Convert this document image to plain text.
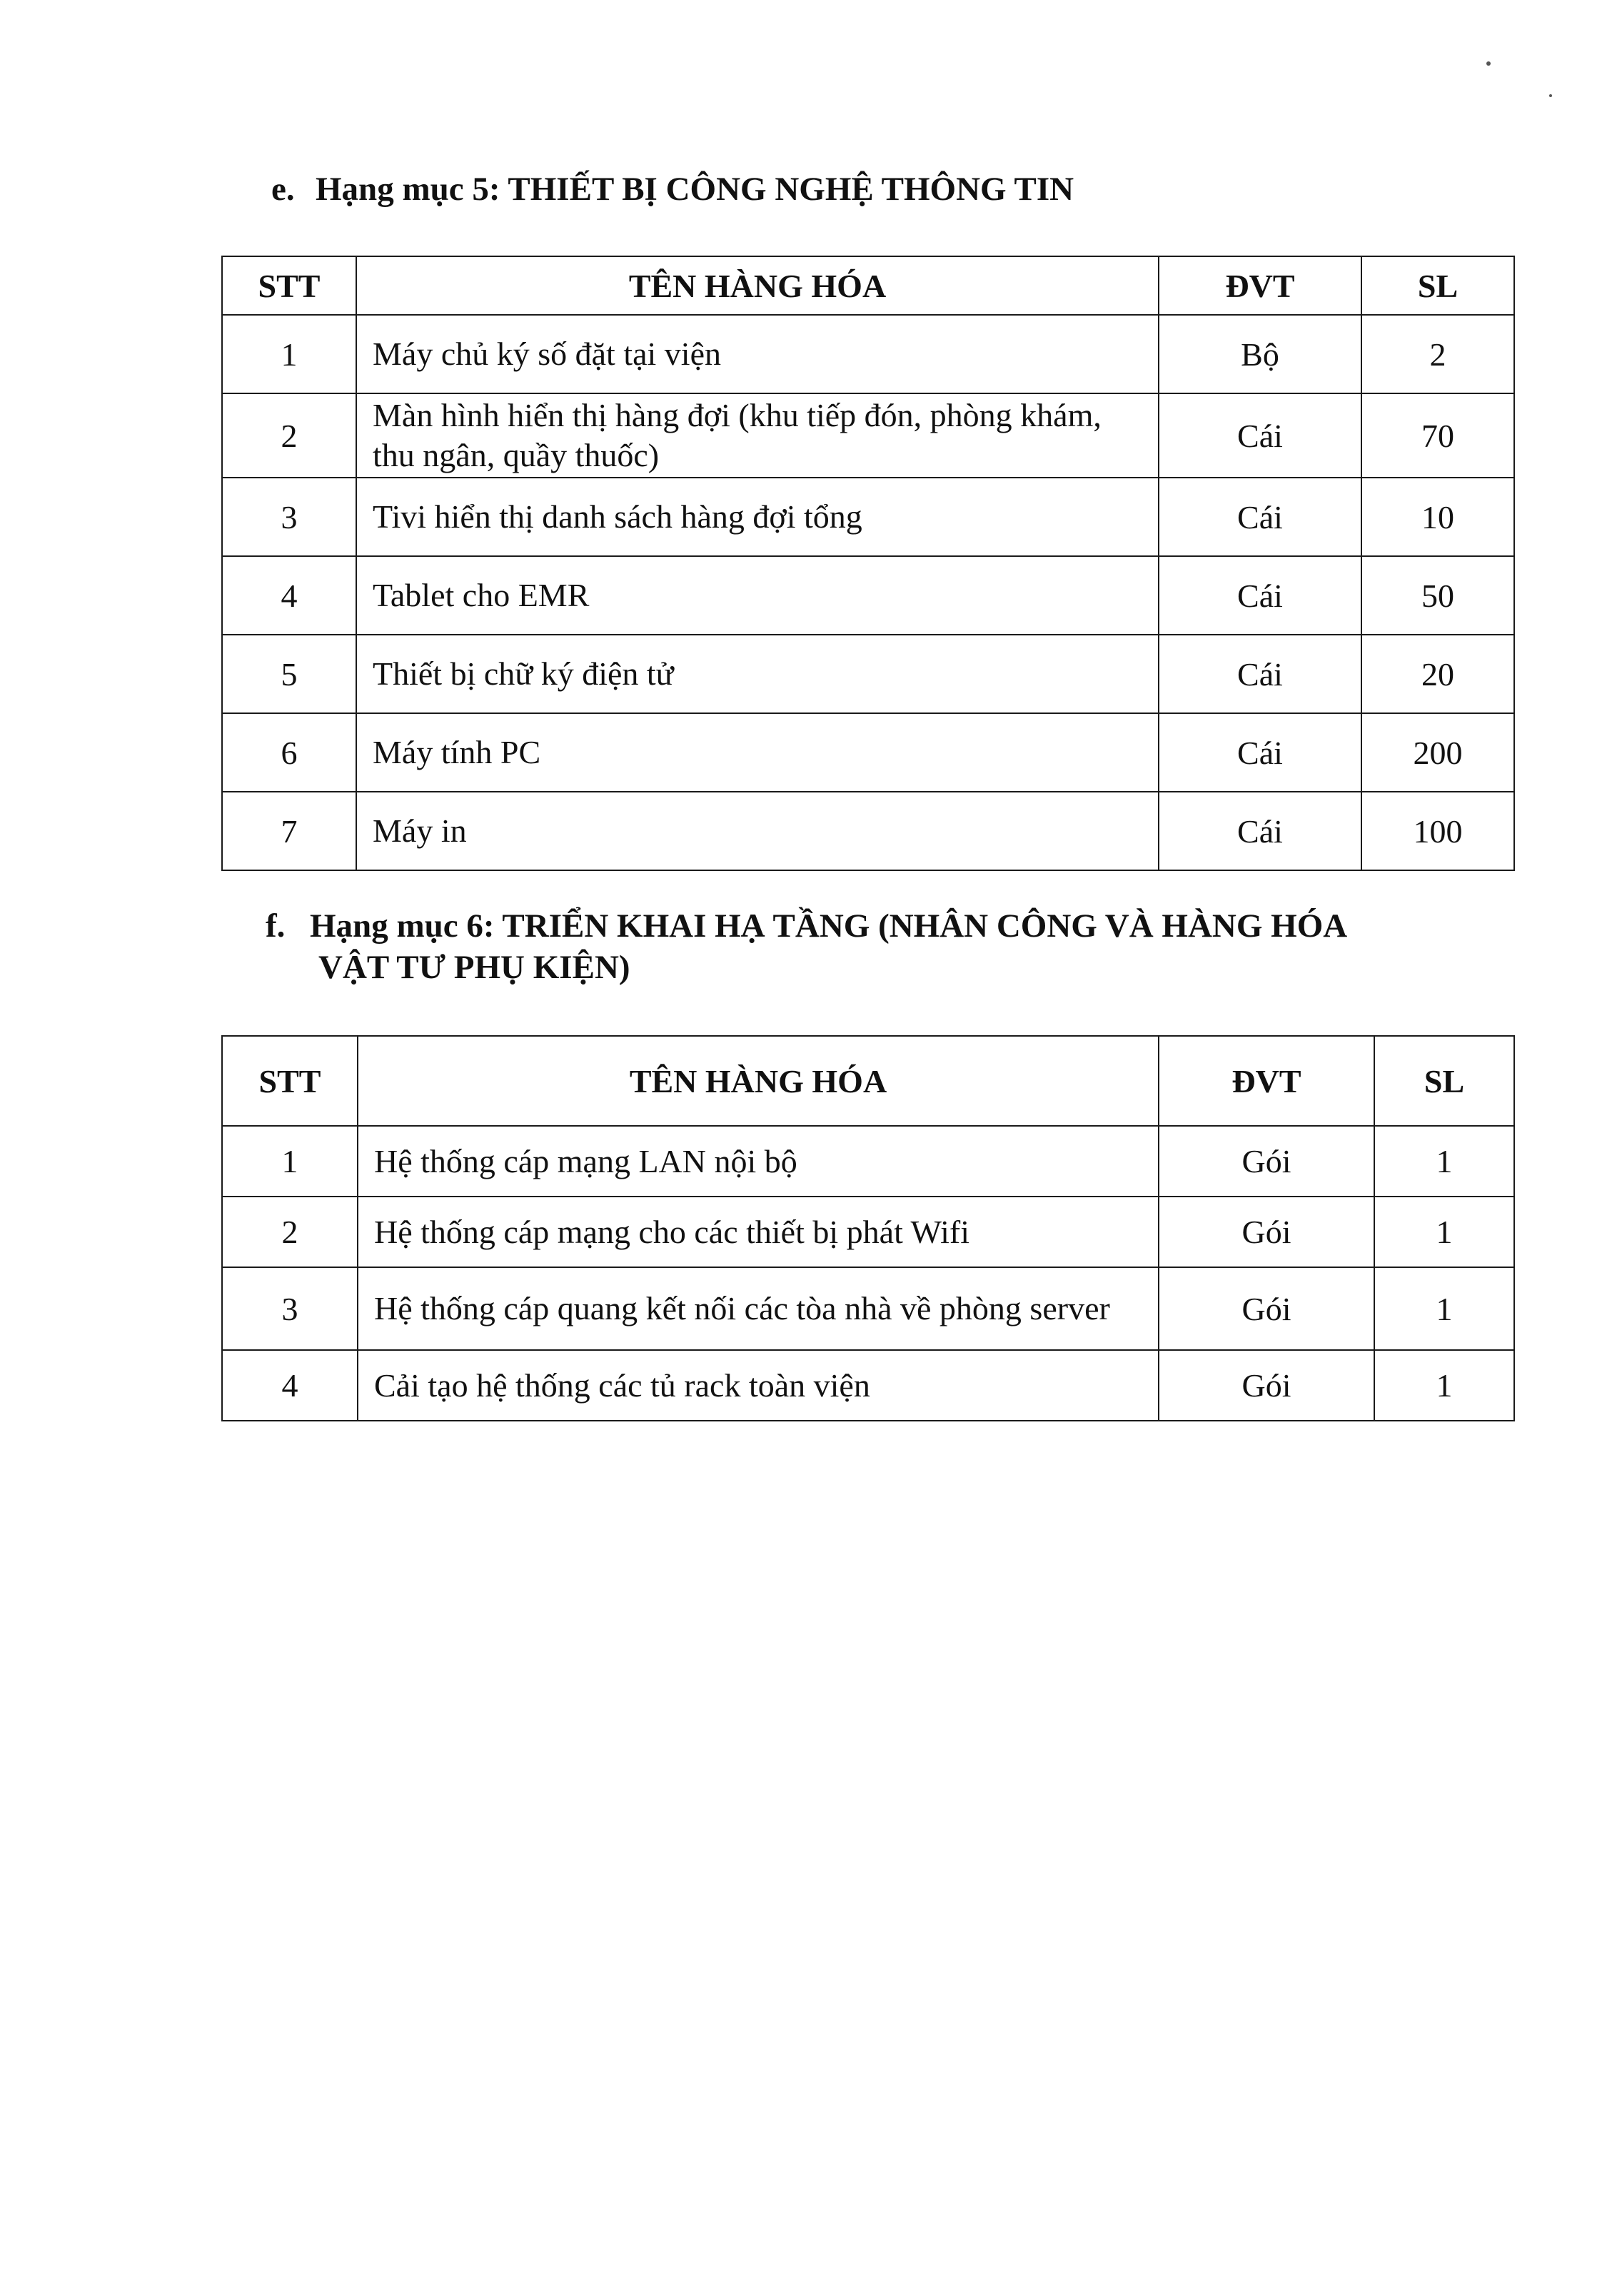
e. Hạng mục 5: THIẾT BỊ CÔNG NGHỆ THÔNG TIN
STT	TÊN HÀNG HÓA	ĐVT	SL
1	Máy chủ ký số đặt tại viện	Bộ	2
2	Màn hình hiển thị hàng đợi (khu tiếp đón, phòng khám, thu ngân, quầy thuốc)	Cái	70
3	Tivi hiển thị danh sách hàng đợi tổng	Cái	10
4	Tablet cho EMR	Cái	50
5	Thiết bị chữ ký điện tử	Cái	20
6	Máy tính PC	Cái	200
7	Máy in	Cái	100
f. Hạng mục 6: TRIỂN KHAI HẠ TẦNG (NHÂN CÔNG VÀ HÀNG HÓA
VẬT TƯ PHỤ KIỆN)
STT	TÊN HÀNG HÓA	ĐVT	SL
1	Hệ thống cáp mạng LAN nội bộ	Gói	1
2	Hệ thống cáp mạng cho các thiết bị phát Wifi	Gói	1
3	Hệ thống cáp quang kết nối các tòa nhà về phòng server	Gói	1
4	Cải tạo hệ thống các tủ rack toàn viện	Gói	1
